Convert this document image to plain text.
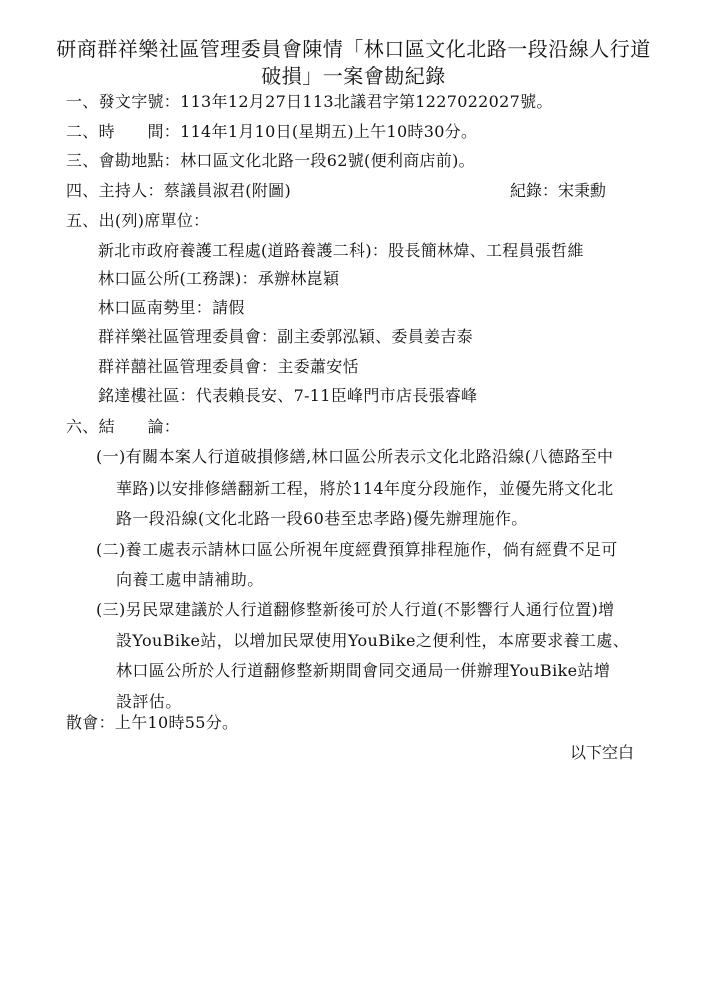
研商群祥樂社區管理委員會陳情「林口區文化北路一段沿線人行道
破損」一案會勘紀錄
一、發文字號：113年12月27日113北議君字第1227022027號。
二、時　　間：114年1月10日(星期五)上午10時30分。
三、會勘地點：林口區文化北路一段62號(便利商店前)。
四、主持人：蔡議員淑君(附圖)	紀錄：宋秉勳
五、出(列)席單位：
新北市政府養護工程處(道路養護二科)：股長簡林煒、工程員張哲維
林口區公所(工務課)：承辦林崑穎
林口區南勢里：請假
群祥樂社區管理委員會：副主委郭泓穎、委員姜吉泰
群祥囍社區管理委員會：主委蕭安恬
銘達樓社區：代表賴長安、7-11臣峰門市店長張睿峰
六、結　　論：
(一)有關本案人行道破損修繕,林口區公所表示文化北路沿線(八德路至中
華路)以安排修繕翻新工程，將於114年度分段施作，並優先將文化北
路一段沿線(文化北路一段60巷至忠孝路)優先辦理施作。
(二)養工處表示請林口區公所視年度經費預算排程施作，倘有經費不足可
向養工處申請補助。
(三)另民眾建議於人行道翻修整新後可於人行道(不影響行人通行位置)增
設YouBike站，以增加民眾使用YouBike之便利性，本席要求養工處、
林口區公所於人行道翻修整新期間會同交通局一併辦理YouBike站增
設評估。
散會：上午10時55分。
以下空白
